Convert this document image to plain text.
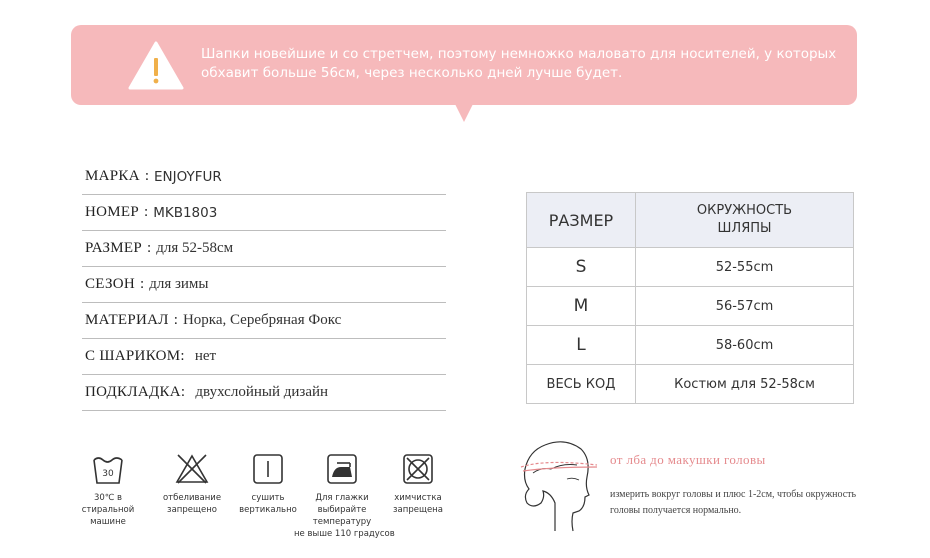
Шапки новейшие и со стретчем, поэтому немножко маловато для носителей, у которых
обхавит больше 56см, через несколько дней лучше будет.
МАРКА : ENJOYFUR
НОМЕР : MKB1803
РАЗМЕР : для 52-58см
СЕЗОН : для зимы
МАТЕРИАЛ : Норка, Серебряная Фокс
С ШАРИКОМ: нет
ПОДКЛАДКА: двухслойный дизайн
РАЗМЕР	ОКРУЖНОСТЬ
ШЛЯПЫ

S	52-55cm
M	56-57cm
L	58-60cm
ВЕСЬ КОД	Костюм для 52-58см
30
30℃ в стиральной
машине
отбеливание
запрещено
сушить
вертикально
Для глажки
выбирайте
температуру
не выше 110 градусов
химчистка
запрещена
от лба до макушки головы
измерить вокруг головы и плюс 1-2см, чтобы окружность
головы получается нормально.
